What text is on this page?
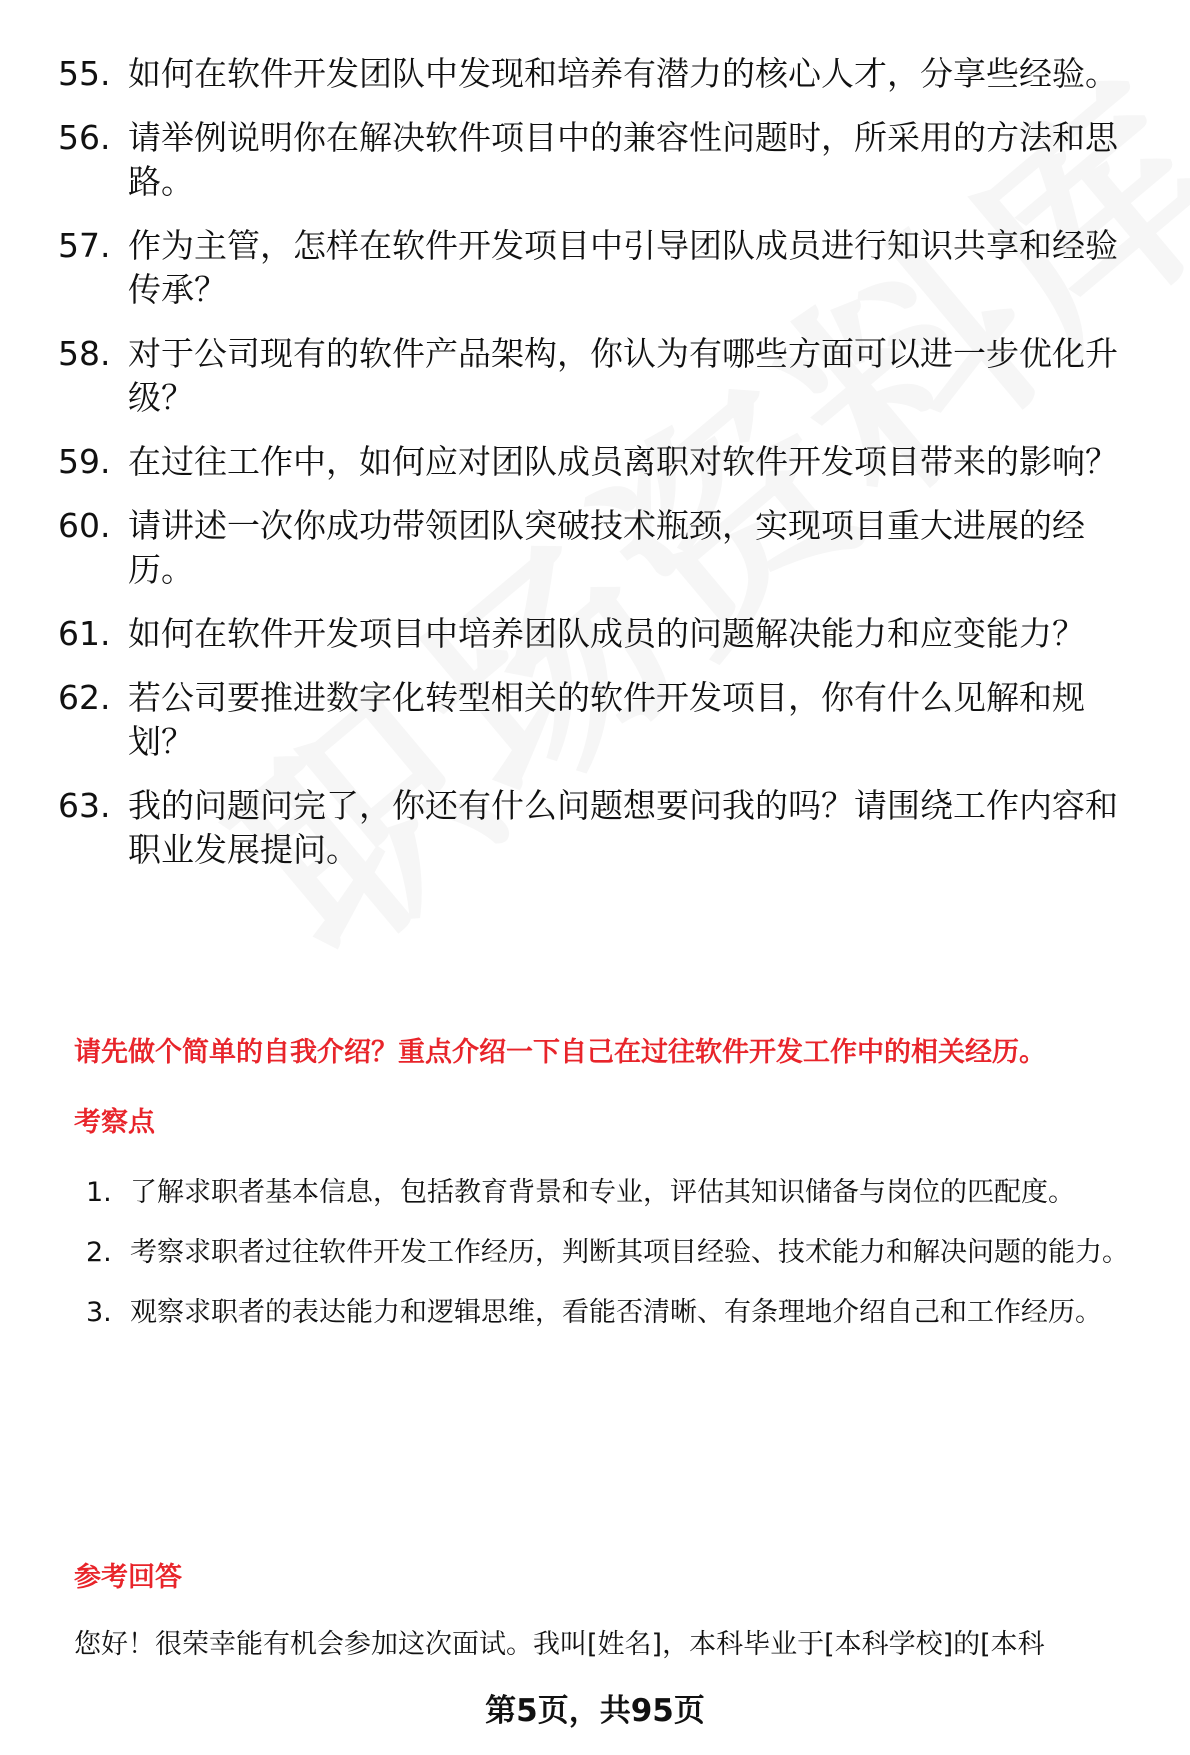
55. 如何在软件开发团队中发现和培养有潜力的核心人才，分享些经验。
56. 请举例说明你在解决软件项目中的兼容性问题时，所采用的方法和思路。
57. 作为主管，怎样在软件开发项目中引导团队成员进行知识共享和经验传承？
58. 对于公司现有的软件产品架构，你认为有哪些方面可以进一步优化升级？
59. 在过往工作中，如何应对团队成员离职对软件开发项目带来的影响？
60. 请讲述一次你成功带领团队突破技术瓶颈，实现项目重大进展的经历。
61. 如何在软件开发项目中培养团队成员的问题解决能力和应变能力？
62. 若公司要推进数字化转型相关的软件开发项目，你有什么见解和规划？
63. 我的问题问完了，你还有什么问题想要问我的吗？请围绕工作内容和职业发展提问。
请先做个简单的自我介绍？重点介绍一下自己在过往软件开发工作中的相关经历。
考察点
1. 了解求职者基本信息，包括教育背景和专业，评估其知识储备与岗位的匹配度。
2. 考察求职者过往软件开发工作经历，判断其项目经验、技术能力和解决问题的能力。
3. 观察求职者的表达能力和逻辑思维，看能否清晰、有条理地介绍自己和工作经历。
参考回答
您好！很荣幸能有机会参加这次面试。我叫[姓名]，本科毕业于[本科学校]的[本科
第5页，共95页
